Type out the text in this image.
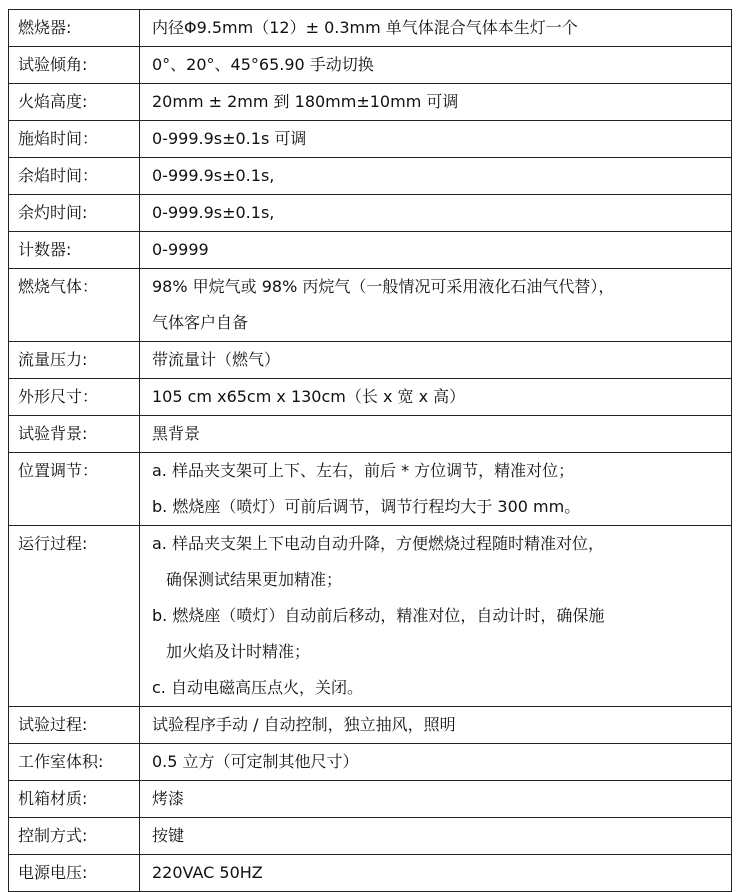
燃烧器:	内径Φ9.5mm（12）± 0.3mm 单气体混合气体本生灯一个

试验倾角:	0°、20°、45°65.90 手动切换

火焰高度:	20mm ± 2mm 到 180mm±10mm 可调

施焰时间：	0-999.9s±0.1s 可调

余焰时间：	0-999.9s±0.1s,

余灼时间:	0-999.9s±0.1s,

计数器:	0-9999

燃烧气体：	98% 甲烷气或 98% 丙烷气（一般情况可采用液化石油气代替），
气体客户自备

流量压力:	带流量计（燃气）

外形尺寸：	105 cm x65cm x 130cm（长 x 宽 x 高）

试验背景:	黑背景

位置调节：	a. 样品夹支架可上下、左右，前后 * 方位调节，精准对位；
b. 燃烧座（喷灯）可前后调节，调节行程均大于 300 mm。

运行过程:	a. 样品夹支架上下电动自动升降，方便燃烧过程随时精准对位，
确保测试结果更加精准；
b. 燃烧座（喷灯）自动前后移动，精准对位，自动计时，确保施
加火焰及计时精准；
c. 自动电磁高压点火，关闭。

试验过程:	试验程序手动 / 自动控制，独立抽风，照明

工作室体积:	0.5 立方（可定制其他尺寸）

机箱材质:	烤漆

控制方式:	按键

电源电压:	220VAC 50HZ
